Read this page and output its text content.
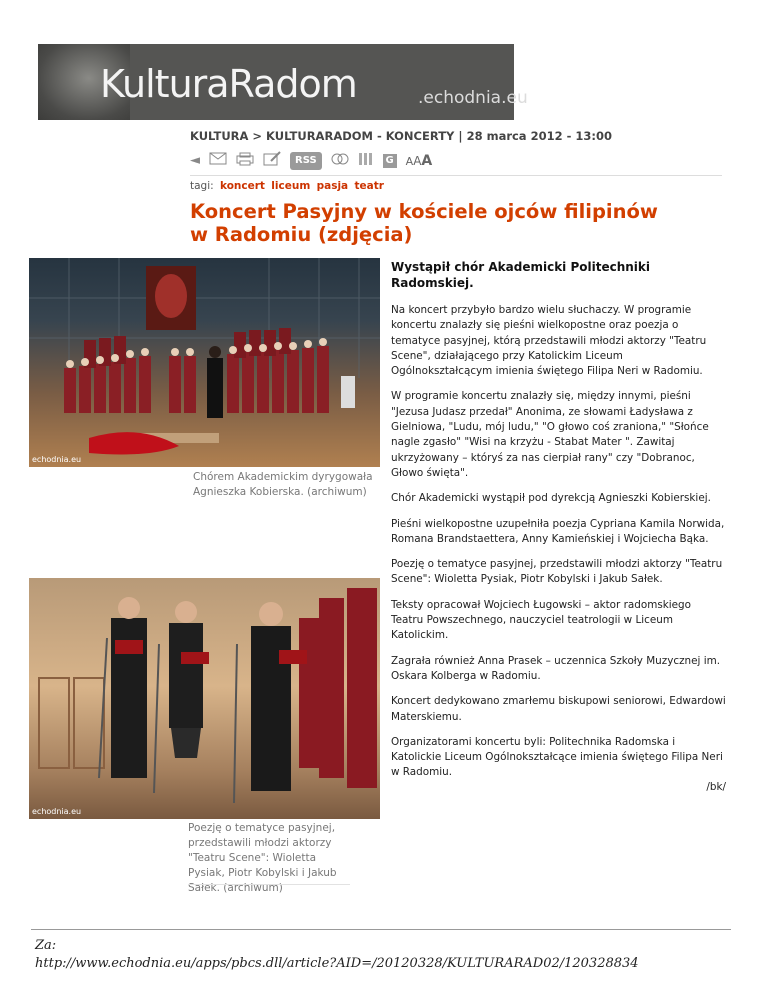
KulturaRadom	.echodnia.eu
KULTURA > KULTURARADOM - KONCERTY | 28 marca 2012 - 13:00
◄	RSS	G AAA
tagi: koncert liceum pasja teatr
Koncert Pasyjny w kościele ojców filipinów w Radomiu (zdjęcia)
echodnia.eu
Chórem Akademickim dyrygowała Agnieszka Kobierska. (archiwum)
echodnia.eu
Poezję o tematyce pasyjnej, przedstawili młodzi aktorzy "Teatru Scene": Wioletta Pysiak, Piotr Kobylski i Jakub Sałek. (archiwum)

Wystąpił chór Akademicki Politechniki Radomskiej.

Na koncert przybyło bardzo wielu słuchaczy. W programie koncertu znalazły się pieśni wielkopostne oraz poezja o tematyce pasyjnej, którą przedstawili młodzi aktorzy "Teatru Scene", działającego przy Katolickim Liceum Ogólnokształcącym imienia świętego Filipa Neri w Radomiu.

W programie koncertu znalazły się, między innymi, pieśni "Jezusa Judasz przedał" Anonima, ze słowami Ładysława z Gielniowa, "Ludu, mój ludu," "O głowo coś zraniona," "Słońce nagle zgasło" "Wisi na krzyżu - Stabat Mater ". Zawitaj ukrzyżowany – któryś za nas cierpiał rany" czy "Dobranoc, Głowo święta".

Chór Akademicki wystąpił pod dyrekcją Agnieszki Kobierskiej.

Pieśni wielkopostne uzupełniła poezja Cypriana Kamila Norwida, Romana Brandstaettera, Anny Kamieńskiej i Wojciecha Bąka.

Poezję o tematyce pasyjnej, przedstawili młodzi aktorzy "Teatru Scene": Wioletta Pysiak, Piotr Kobylski i Jakub Sałek.

Teksty opracował Wojciech Ługowski – aktor radomskiego Teatru Powszechnego, nauczyciel teatrologii w Liceum Katolickim.

Zagrała również Anna Prasek – uczennica Szkoły Muzycznej im. Oskara Kolberga w Radomiu.

Koncert dedykowano zmarłemu biskupowi seniorowi, Edwardowi Materskiemu.

Organizatorami koncertu byli: Politechnika Radomska i Katolickie Liceum Ogólnokształcące imienia świętego Filipa Neri w Radomiu.

/bk/
Za:
http://www.echodnia.eu/apps/pbcs.dll/article?AID=/20120328/KULTURARAD02/120328834
